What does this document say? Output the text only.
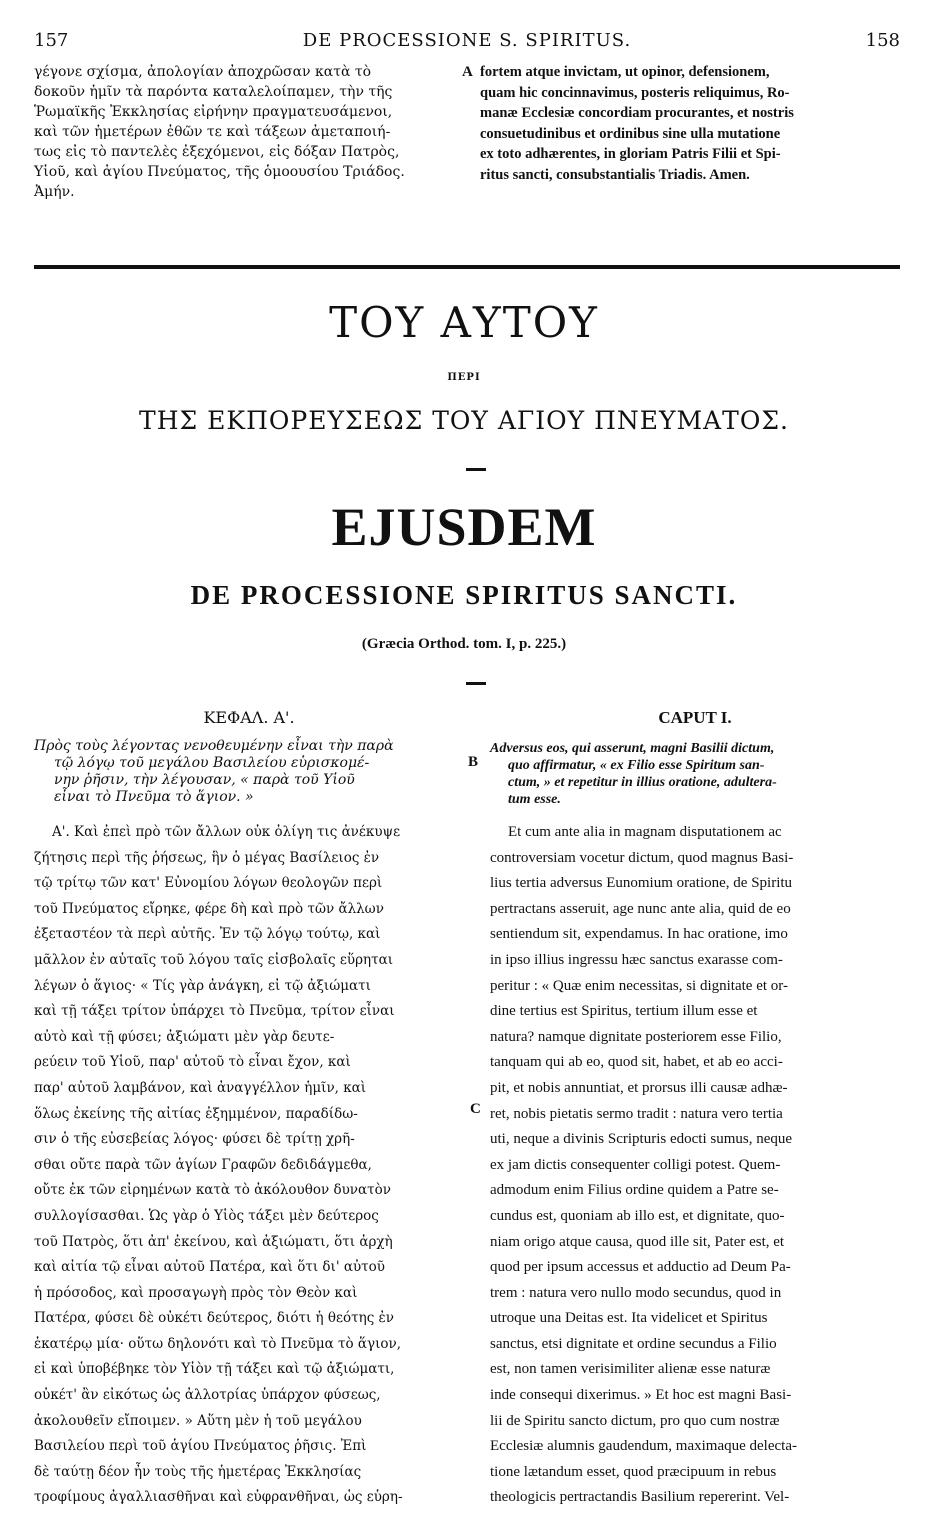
157	DE PROCESSIONE S. SPIRITUS.	158
γέγονε σχίσμα, ἀπολογίαν ἀποχρῶσαν κατὰ τὸ
δοκοῦν ἡμῖν τὰ παρόντα καταλελοίπαμεν, τὴν τῆς
Ῥωμαϊκῆς Ἐκκλησίας εἰρήνην πραγματευσάμενοι,
καὶ τῶν ἡμετέρων ἐθῶν τε καὶ τάξεων ἀμεταποιή-
τως εἰς τὸ παντελὲς ἐξεχόμενοι, εἰς δόξαν Πατρὸς,
Υἱοῦ, καὶ ἁγίου Πνεύματος, τῆς ὁμοουσίου Τριάδος.
Ἀμήν.
A fortem atque invictam, ut opinor, defensionem,
quam hic concinnavimus, posteris reliquimus, Ro-
manæ Ecclesiæ concordiam procurantes, et nostris
consuetudinibus et ordinibus sine ulla mutatione
ex toto adhærentes, in gloriam Patris Filii et Spi-
ritus sancti, consubstantialis Triadis. Amen.
ΤΟΥ ΑΥΤΟΥ
ΠΕΡΙ
ΤΗΣ ΕΚΠΟΡΕΥΣΕΩΣ ΤΟΥ ΑΓΙΟΥ ΠΝΕΥΜΑΤΟΣ.
EJUSDEM
DE PROCESSIONE SPIRITUS SANCTI.
(Græcia Orthod. tom. I, p. 225.)
ΚΕΦΑΛ. Α'.	CAPUT I.
Πρὸς τοὺς λέγοντας νενοθευμένην εἶναι τὴν παρὰ
τῷ λόγῳ τοῦ μεγάλου Βασιλείου εὑρισκομέ-
νην ῥῆσιν, τὴν λέγουσαν, « παρὰ τοῦ Υἱοῦ
εἶναι τὸ Πνεῦμα τὸ ἅγιον. »
B
Adversus eos, qui asserunt, magni Basilii dictum,
quo affirmatur, « ex Filio esse Spiritum san-
ctum, » et repetitur in illius oratione, adultera-
tum esse.
Α'. Καὶ ἐπεὶ πρὸ τῶν ἄλλων οὐκ ὀλίγη τις ἀνέκυψε
ζήτησις περὶ τῆς ῥήσεως, ἣν ὁ μέγας Βασίλειος ἐν
τῷ τρίτῳ τῶν κατ' Εὐνομίου λόγων θεολογῶν περὶ
τοῦ Πνεύματος εἴρηκε, φέρε δὴ καὶ πρὸ τῶν ἄλλων
ἐξεταστέον τὰ περὶ αὐτῆς. Ἐν τῷ λόγῳ τούτῳ, καὶ
μᾶλλον ἐν αὐταῖς τοῦ λόγου ταῖς εἰσβολαῖς εὕρηται
λέγων ὁ ἅγιος· « Τίς γὰρ ἀνάγκη, εἰ τῷ ἀξιώματι
καὶ τῇ τάξει τρίτον ὑπάρχει τὸ Πνεῦμα, τρίτον εἶναι
αὐτὸ καὶ τῇ φύσει; ἀξιώματι μὲν γὰρ δευτε-
ρεύειν τοῦ Υἱοῦ, παρ' αὐτοῦ τὸ εἶναι ἔχον, καὶ
παρ' αὐτοῦ λαμβάνον, καὶ ἀναγγέλλον ἡμῖν, καὶ
ὅλως ἐκείνης τῆς αἰτίας ἐξημμένον, παραδίδω-
σιν ὁ τῆς εὐσεβείας λόγος· φύσει δὲ τρίτῃ χρῆ-
σθαι οὔτε παρὰ τῶν ἁγίων Γραφῶν δεδιδάγμεθα,
οὔτε ἐκ τῶν εἰρημένων κατὰ τὸ ἀκόλουθον δυνατὸν
συλλογίσασθαι. Ὡς γὰρ ὁ Υἱὸς τάξει μὲν δεύτερος
τοῦ Πατρὸς, ὅτι ἀπ' ἐκείνου, καὶ ἀξιώματι, ὅτι ἀρχὴ
καὶ αἰτία τῷ εἶναι αὐτοῦ Πατέρα, καὶ ὅτι δι' αὐτοῦ
ἡ πρόσοδος, καὶ προσαγωγὴ πρὸς τὸν Θεὸν καὶ
Πατέρα, φύσει δὲ οὐκέτι δεύτερος, διότι ἡ θεότης ἐν
ἑκατέρῳ μία· οὕτω δηλονότι καὶ τὸ Πνεῦμα τὸ ἅγιον,
εἰ καὶ ὑποβέβηκε τὸν Υἱὸν τῇ τάξει καὶ τῷ ἀξιώματι,
οὐκέτ' ἂν εἰκότως ὡς ἀλλοτρίας ὑπάρχον φύσεως,
ἀκολουθεῖν εἴποιμεν. » Αὕτη μὲν ἡ τοῦ μεγάλου
Βασιλείου περὶ τοῦ ἁγίου Πνεύματος ῥῆσις. Ἐπὶ
δὲ ταύτῃ δέον ἦν τοὺς τῆς ἡμετέρας Ἐκκλησίας
τροφίμους ἀγαλλιασθῆναι καὶ εὐφρανθῆναι, ὡς εὑρη-
C
Et cum ante alia in magnam disputationem ac
controversiam vocetur dictum, quod magnus Basi-
lius tertia adversus Eunomium oratione, de Spiritu
pertractans asseruit, age nunc ante alia, quid de eo
sentiendum sit, expendamus. In hac oratione, imo
in ipso illius ingressu hæc sanctus exarasse com-
peritur : « Quæ enim necessitas, si dignitate et or-
dine tertius est Spiritus, tertium illum esse et
natura? namque dignitate posteriorem esse Filio,
tanquam qui ab eo, quod sit, habet, et ab eo acci-
pit, et nobis annuntiat, et prorsus illi causæ adhæ-
ret, nobis pietatis sermo tradit : natura vero tertia
uti, neque a divinis Scripturis edocti sumus, neque
ex jam dictis consequenter colligi potest. Quem-
admodum enim Filius ordine quidem a Patre se-
cundus est, quoniam ab illo est, et dignitate, quo-
niam origo atque causa, quod ille sit, Pater est, et
quod per ipsum accessus et adductio ad Deum Pa-
trem : natura vero nullo modo secundus, quod in
utroque una Deitas est. Ita videlicet et Spiritus
sanctus, etsi dignitate et ordine secundus a Filio
est, non tamen verisimiliter alienæ esse naturæ
inde consequi dixerimus. » Et hoc est magni Basi-
lii de Spiritu sancto dictum, pro quo cum nostræ
Ecclesiæ alumnis gaudendum, maximaque delecta-
tione lætandum esset, quod præcipuum in rebus
theologicis pertractandis Basilium repererint. Vel-
